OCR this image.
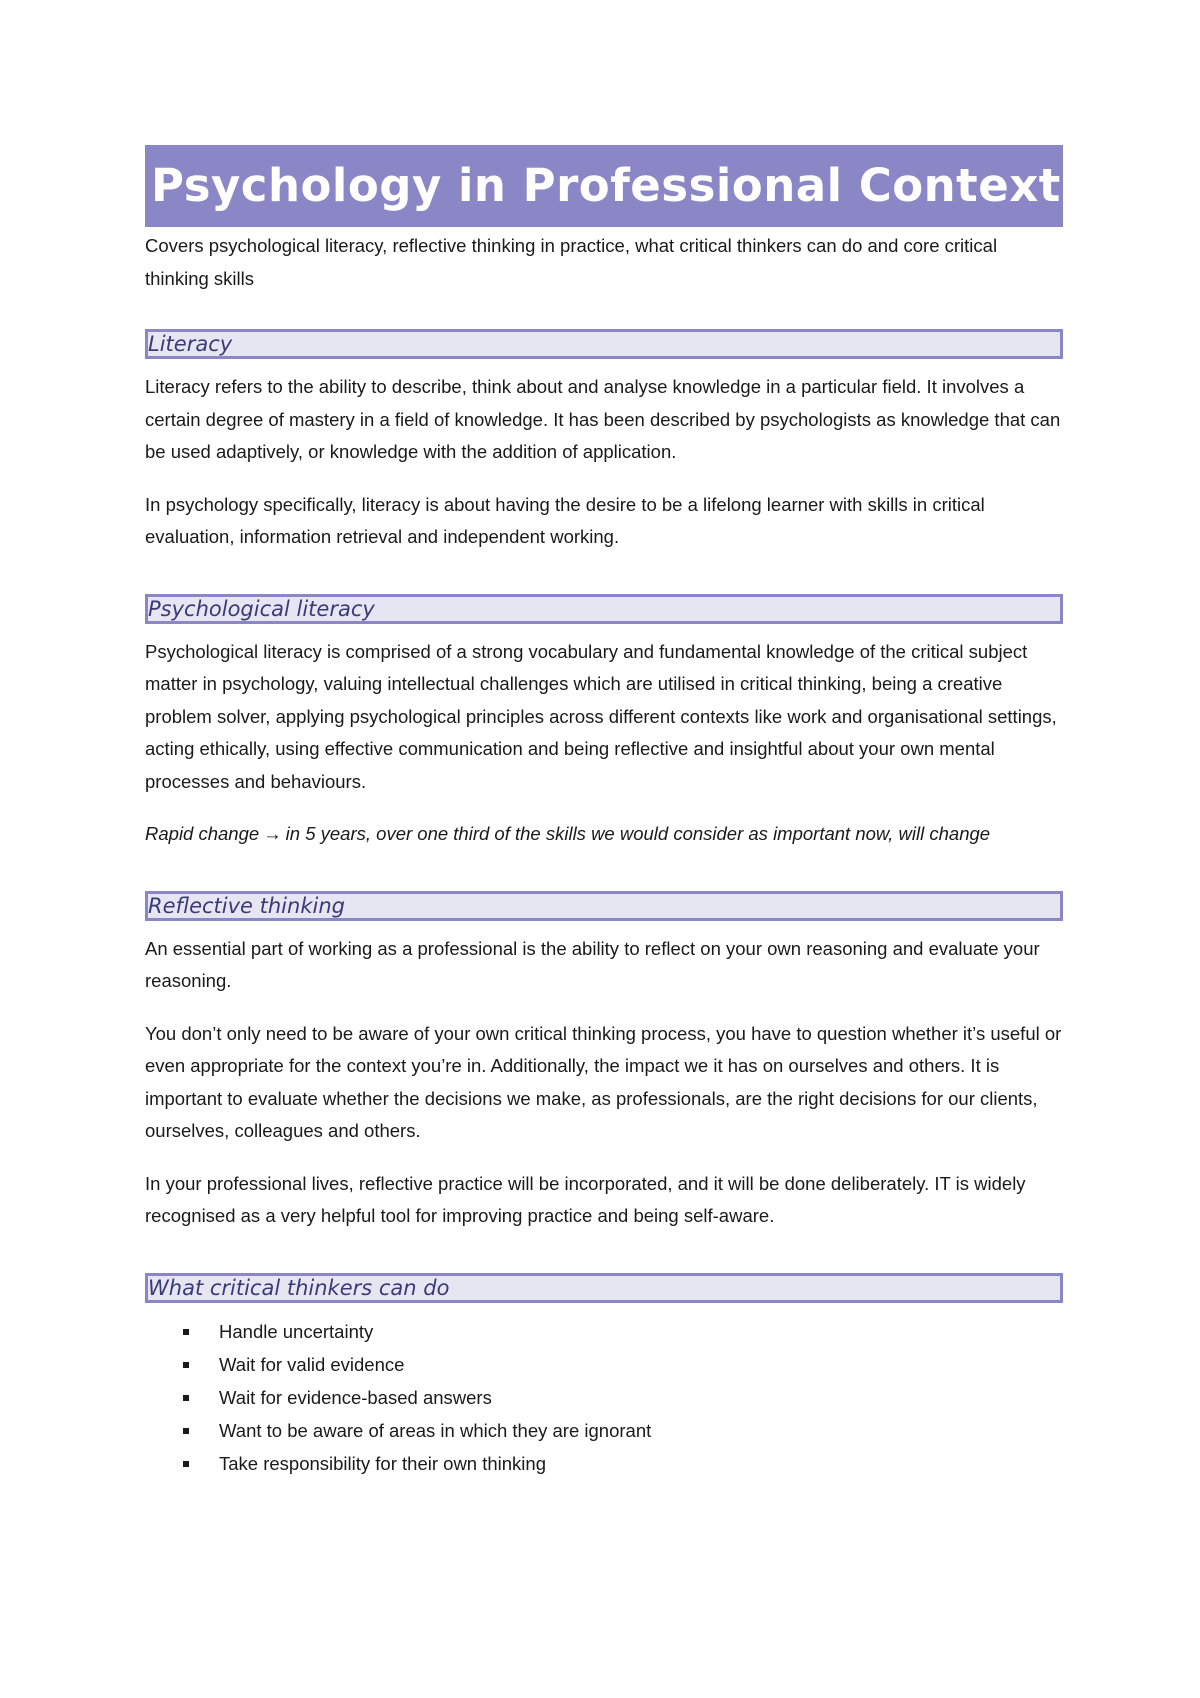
Psychology in Professional Contexts

Covers psychological literacy, reflective thinking in practice, what critical thinkers can do and core critical thinking skills

Literacy

Literacy refers to the ability to describe, think about and analyse knowledge in a particular field. It involves a certain degree of mastery in a field of knowledge. It has been described by psychologists as knowledge that can be used adaptively, or knowledge with the addition of application.

In psychology specifically, literacy is about having the desire to be a lifelong learner with skills in critical evaluation, information retrieval and independent working.

Psychological literacy

Psychological literacy is comprised of a strong vocabulary and fundamental knowledge of the critical subject matter in psychology, valuing intellectual challenges which are utilised in critical thinking, being a creative problem solver, applying psychological principles across different contexts like work and organisational settings, acting ethically, using effective communication and being reflective and insightful about your own mental processes and behaviours.

Rapid change → in 5 years, over one third of the skills we would consider as important now, will change

Reflective thinking

An essential part of working as a professional is the ability to reflect on your own reasoning and evaluate your reasoning.

You don’t only need to be aware of your own critical thinking process, you have to question whether it’s useful or even appropriate for the context you’re in. Additionally, the impact we it has on ourselves and others. It is important to evaluate whether the decisions we make, as professionals, are the right decisions for our clients, ourselves, colleagues and others.

In your professional lives, reflective practice will be incorporated, and it will be done deliberately. IT is widely recognised as a very helpful tool for improving practice and being self-aware.

What critical thinkers can do
Handle uncertainty
Wait for valid evidence
Wait for evidence-based answers
Want to be aware of areas in which they are ignorant
Take responsibility for their own thinking
